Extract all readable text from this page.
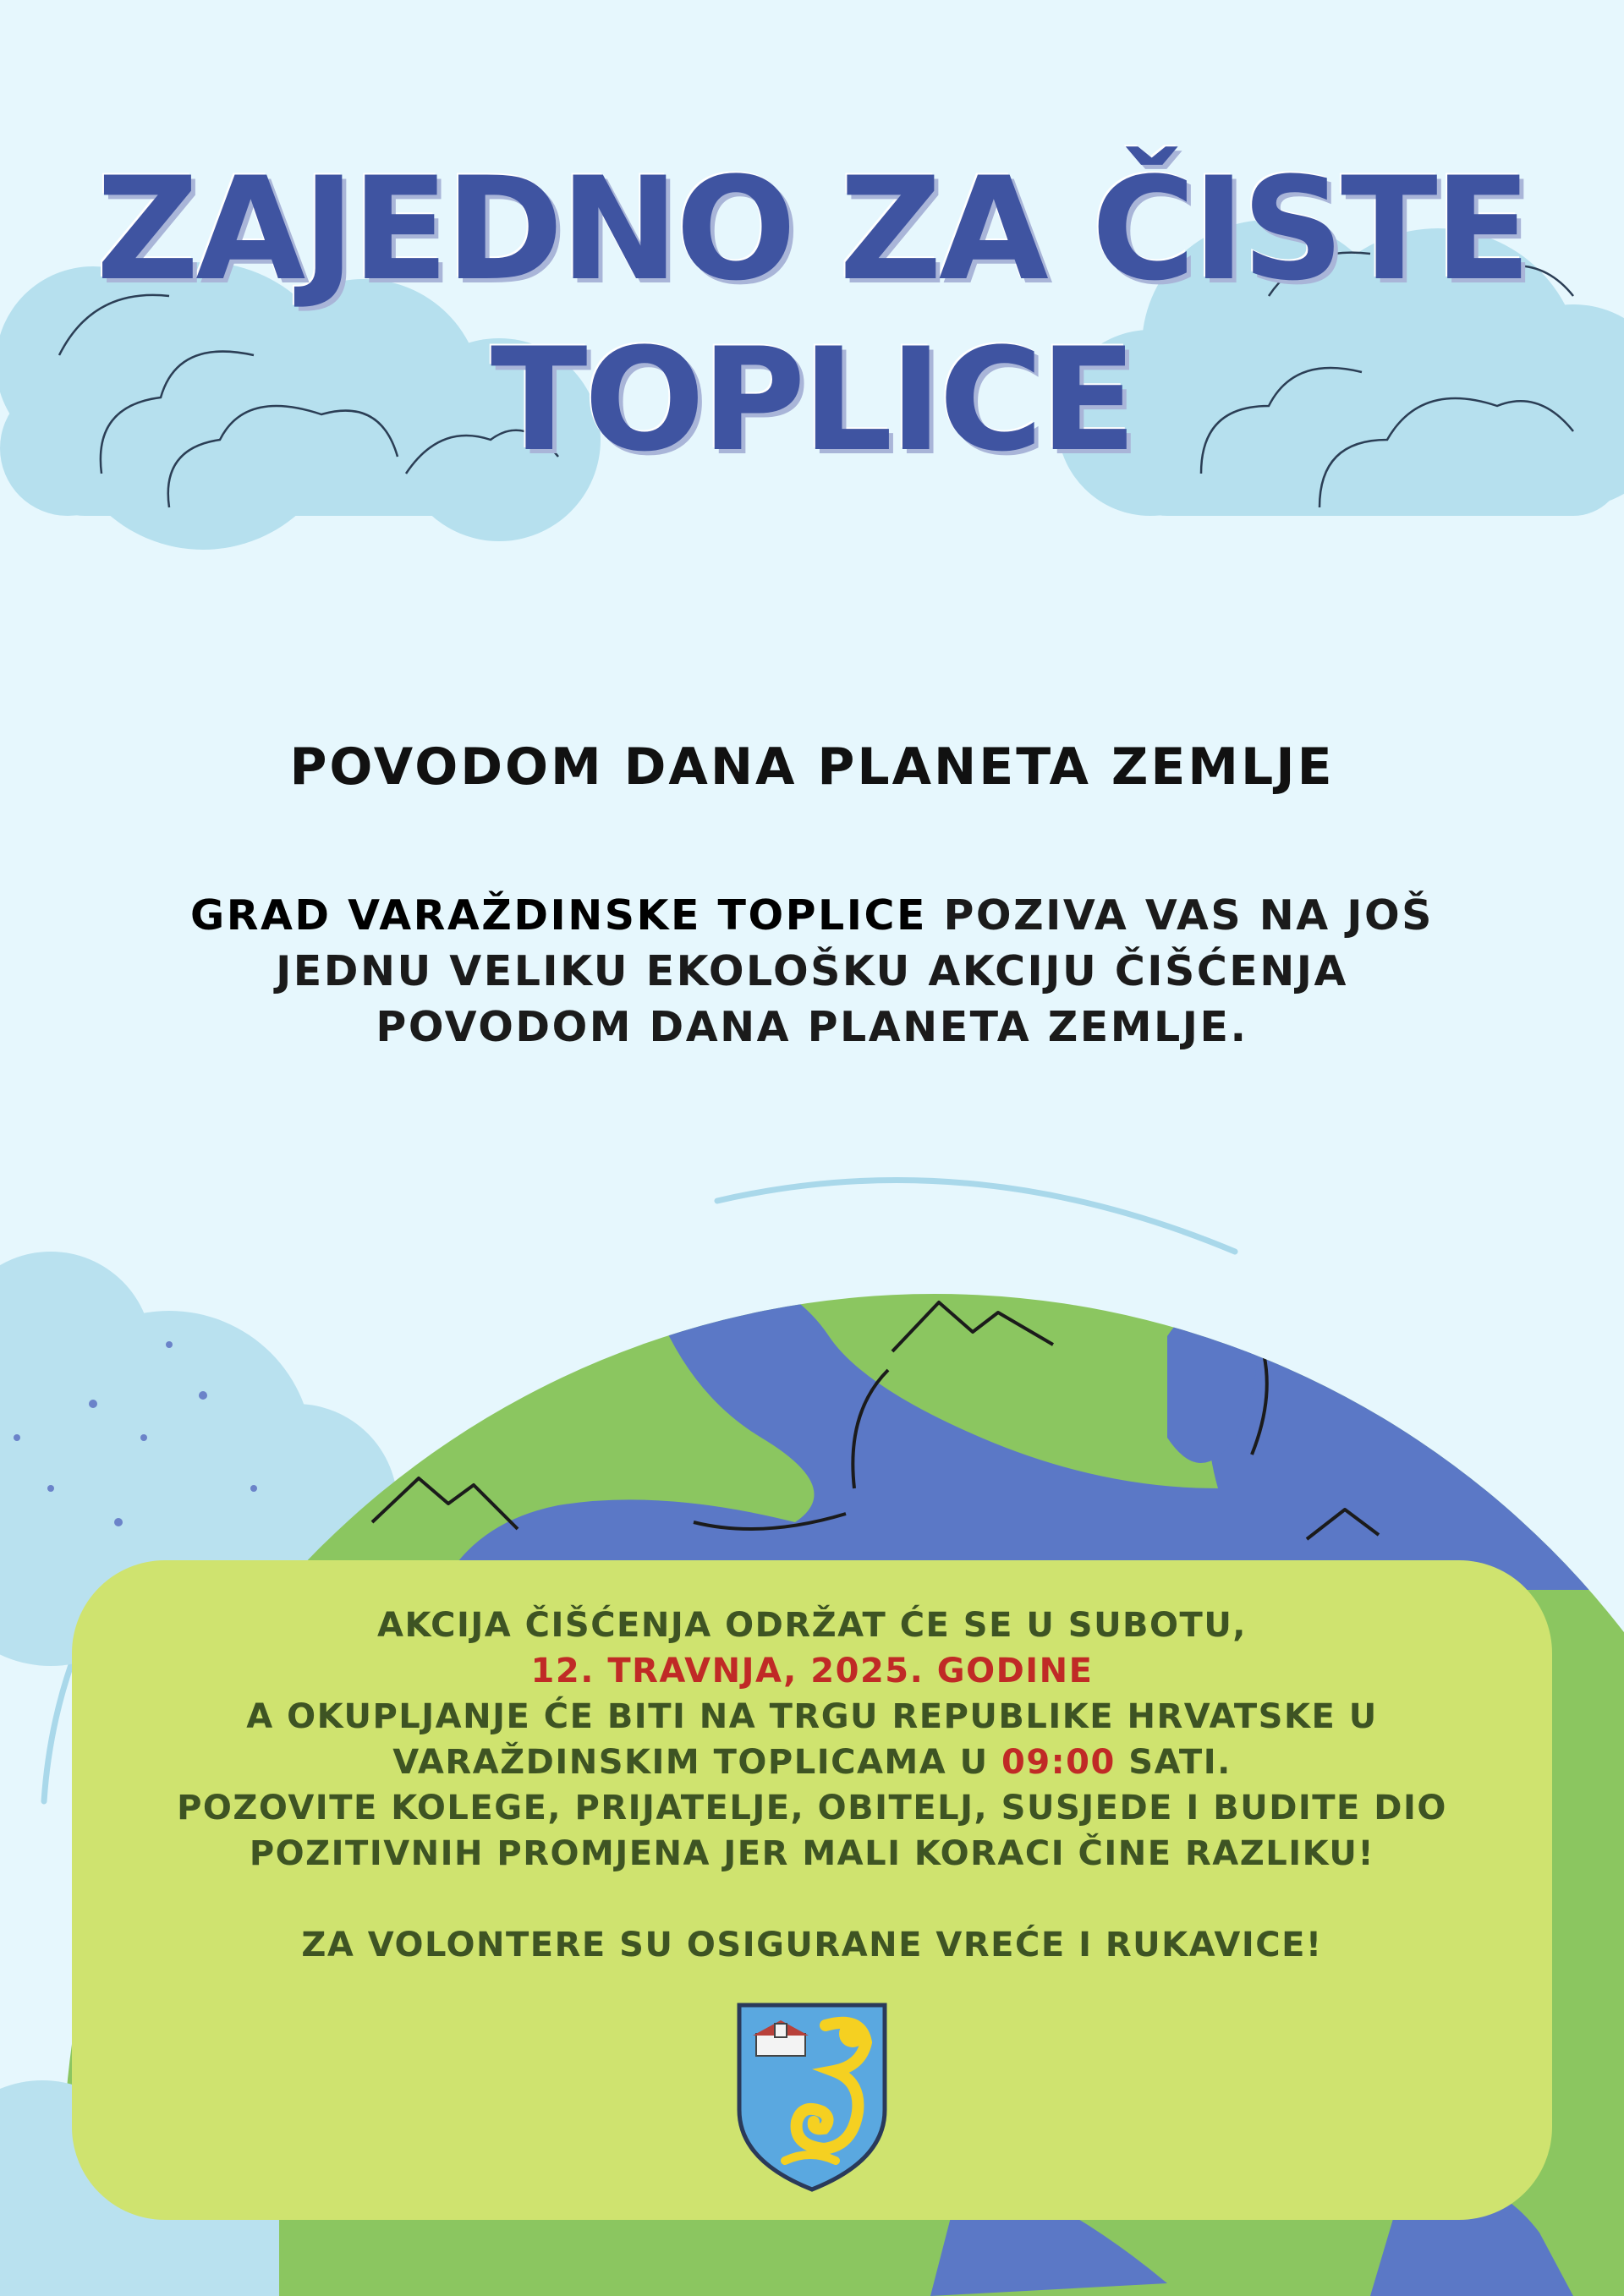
ZAJEDNO ZA ČISTE
TOPLICE
POVODOM DANA PLANETA ZEMLJE
GRAD VARAŽDINSKE TOPLICE POZIVA VAS NA JOŠ
JEDNU VELIKU EKOLOŠKU AKCIJU ČIŠĆENJA
POVODOM DANA PLANETA ZEMLJE.

AKCIJA ČIŠĆENJA ODRŽAT ĆE SE U SUBOTU,

12. TRAVNJA, 2025. GODINE

A OKUPLJANJE ĆE BITI NA TRGU REPUBLIKE HRVATSKE U

VARAŽDINSKIM TOPLICAMA U 09:00 SATI.

POZOVITE KOLEGE, PRIJATELJE, OBITELJ, SUSJEDE I BUDITE DIO

POZITIVNIH PROMJENA JER MALI KORACI ČINE RAZLIKU!

ZA VOLONTERE SU OSIGURANE VREĆE I RUKAVICE!
